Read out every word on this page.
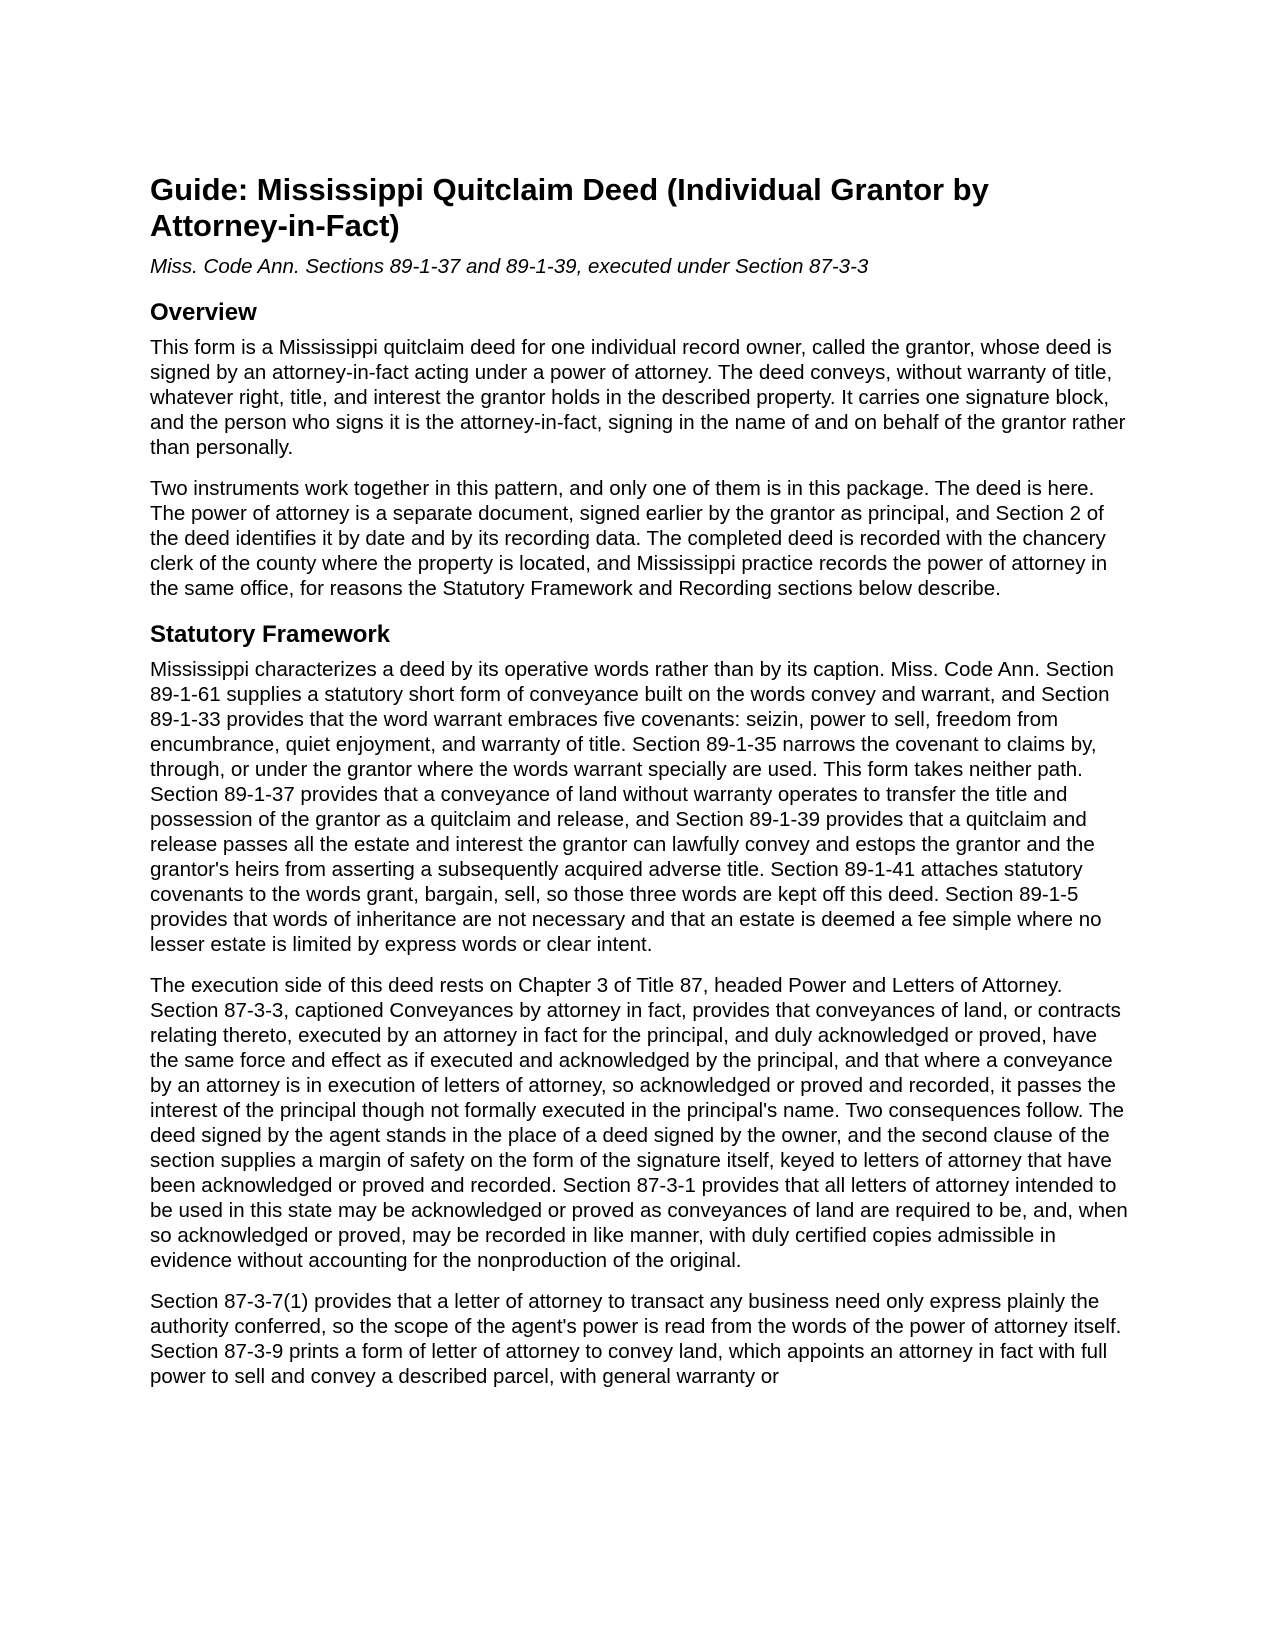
Guide: Mississippi Quitclaim Deed (Individual Grantor by Attorney-in-Fact)

Miss. Code Ann. Sections 89-1-37 and 89-1-39, executed under Section 87-3-3

Overview

This form is a Mississippi quitclaim deed for one individual record owner, called the grantor, whose deed is signed by an attorney-in-fact acting under a power of attorney. The deed conveys, without warranty of title, whatever right, title, and interest the grantor holds in the described property. It carries one signature block, and the person who signs it is the attorney-in-fact, signing in the name of and on behalf of the grantor rather than personally.

Two instruments work together in this pattern, and only one of them is in this package. The deed is here. The power of attorney is a separate document, signed earlier by the grantor as principal, and Section 2 of the deed identifies it by date and by its recording data. The completed deed is recorded with the chancery clerk of the county where the property is located, and Mississippi practice records the power of attorney in the same office, for reasons the Statutory Framework and Recording sections below describe.

Statutory Framework

Mississippi characterizes a deed by its operative words rather than by its caption. Miss. Code Ann. Section 89-1-61 supplies a statutory short form of conveyance built on the words convey and warrant, and Section 89-1-33 provides that the word warrant embraces five covenants: seizin, power to sell, freedom from encumbrance, quiet enjoyment, and warranty of title. Section 89-1-35 narrows the covenant to claims by, through, or under the grantor where the words warrant specially are used. This form takes neither path. Section 89-1-37 provides that a conveyance of land without warranty operates to transfer the title and possession of the grantor as a quitclaim and release, and Section 89-1-39 provides that a quitclaim and release passes all the estate and interest the grantor can lawfully convey and estops the grantor and the grantor's heirs from asserting a subsequently acquired adverse title. Section 89-1-41 attaches statutory covenants to the words grant, bargain, sell, so those three words are kept off this deed. Section 89-1-5 provides that words of inheritance are not necessary and that an estate is deemed a fee simple where no lesser estate is limited by express words or clear intent.

The execution side of this deed rests on Chapter 3 of Title 87, headed Power and Letters of Attorney. Section 87-3-3, captioned Conveyances by attorney in fact, provides that conveyances of land, or contracts relating thereto, executed by an attorney in fact for the principal, and duly acknowledged or proved, have the same force and effect as if executed and acknowledged by the principal, and that where a conveyance by an attorney is in execution of letters of attorney, so acknowledged or proved and recorded, it passes the interest of the principal though not formally executed in the principal's name. Two consequences follow. The deed signed by the agent stands in the place of a deed signed by the owner, and the second clause of the section supplies a margin of safety on the form of the signature itself, keyed to letters of attorney that have been acknowledged or proved and recorded. Section 87-3-1 provides that all letters of attorney intended to be used in this state may be acknowledged or proved as conveyances of land are required to be, and, when so acknowledged or proved, may be recorded in like manner, with duly certified copies admissible in evidence without accounting for the nonproduction of the original.

Section 87-3-7(1) provides that a letter of attorney to transact any business need only express plainly the authority conferred, so the scope of the agent's power is read from the words of the power of attorney itself. Section 87-3-9 prints a form of letter of attorney to convey land, which appoints an attorney in fact with full power to sell and convey a described parcel, with general warranty or
